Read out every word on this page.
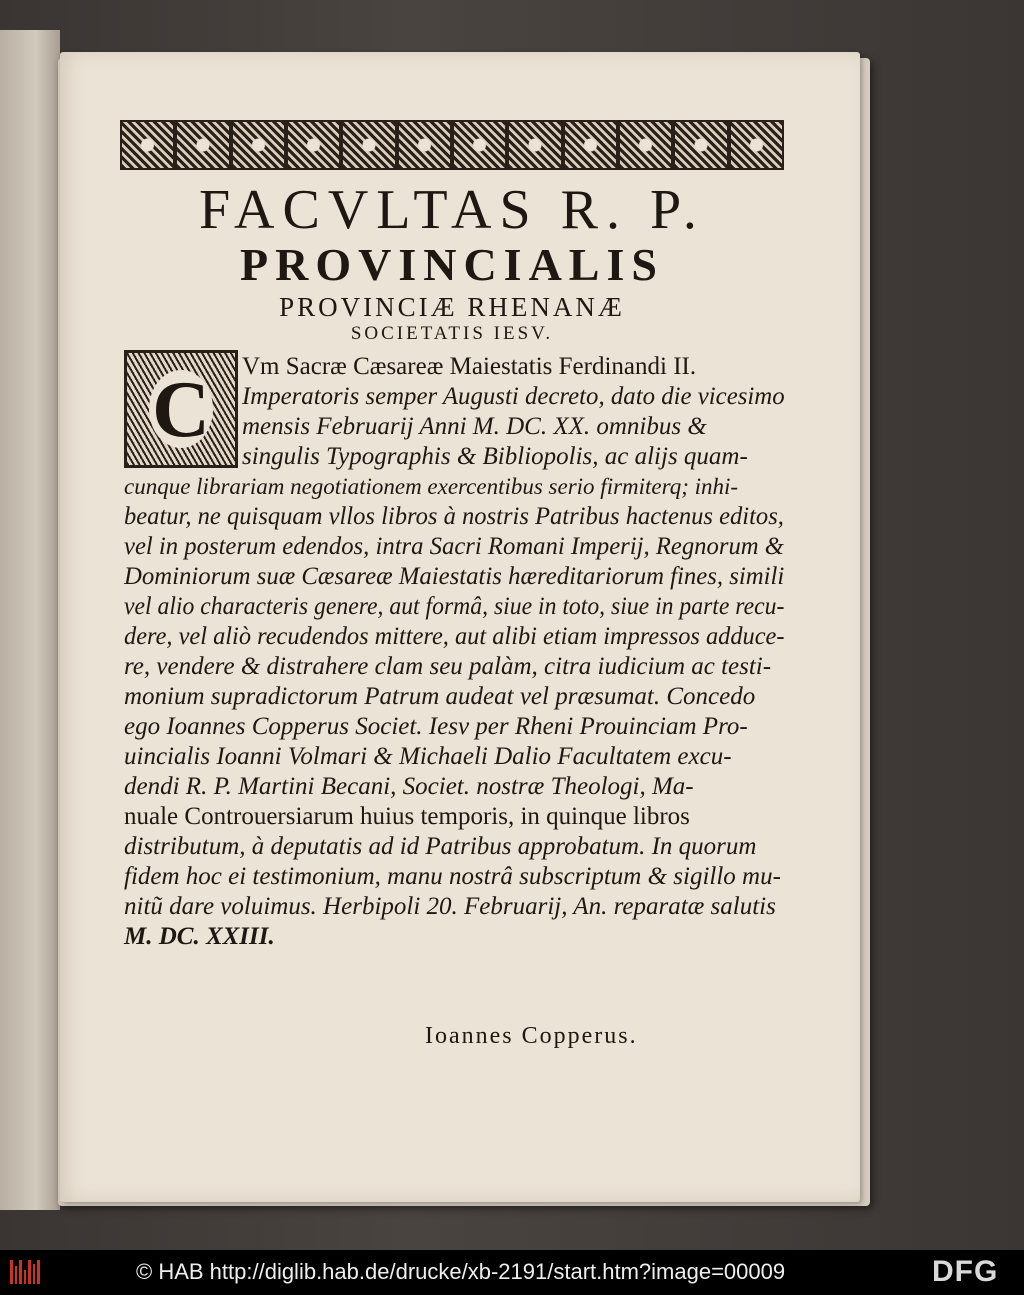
FACVLTAS R. P.
PROVINCIALIS
PROVINCIÆ RHENANÆ
SOCIETATIS IESV.
C Vm Sacræ Cæsareæ Maiestatis Ferdinandi II.
Imperatoris semper Augusti decreto, dato die vicesimo
mensis Februarij Anni M. DC. XX. omnibus &
singulis Typographis & Bibliopolis, ac alijs quam-
cunque librariam negotiationem exercentibus serio firmiterq; inhi-
beatur, ne quisquam vllos libros à nostris Patribus hactenus editos,
vel in posterum edendos, intra Sacri Romani Imperij, Regnorum &
Dominiorum suæ Cæsareæ Maiestatis hæreditariorum fines, simili
vel alio characteris genere, aut formâ, siue in toto, siue in parte recu-
dere, vel aliò recudendos mittere, aut alibi etiam impressos adduce-
re, vendere & distrahere clam seu palàm, citra iudicium ac testi-
monium supradictorum Patrum audeat vel præsumat. Concedo
ego Ioannes Copperus Societ. Iesv per Rheni Prouinciam Pro-
uincialis Ioanni Volmari & Michaeli Dalio Facultatem excu-
dendi R. P. Martini Becani, Societ. nostræ Theologi, Ma-
nuale Controuersiarum huius temporis, in quinque libros
distributum, à deputatis ad id Patribus approbatum. In quorum
fidem hoc ei testimonium, manu nostrâ subscriptum & sigillo mu-
nitũ dare voluimus. Herbipoli 20. Februarij, An. reparatæ salutis
M. DC. XXIII.
Ioannes Copperus.
© HAB http://diglib.hab.de/drucke/xb-2191/start.htm?image=00009	DFG
